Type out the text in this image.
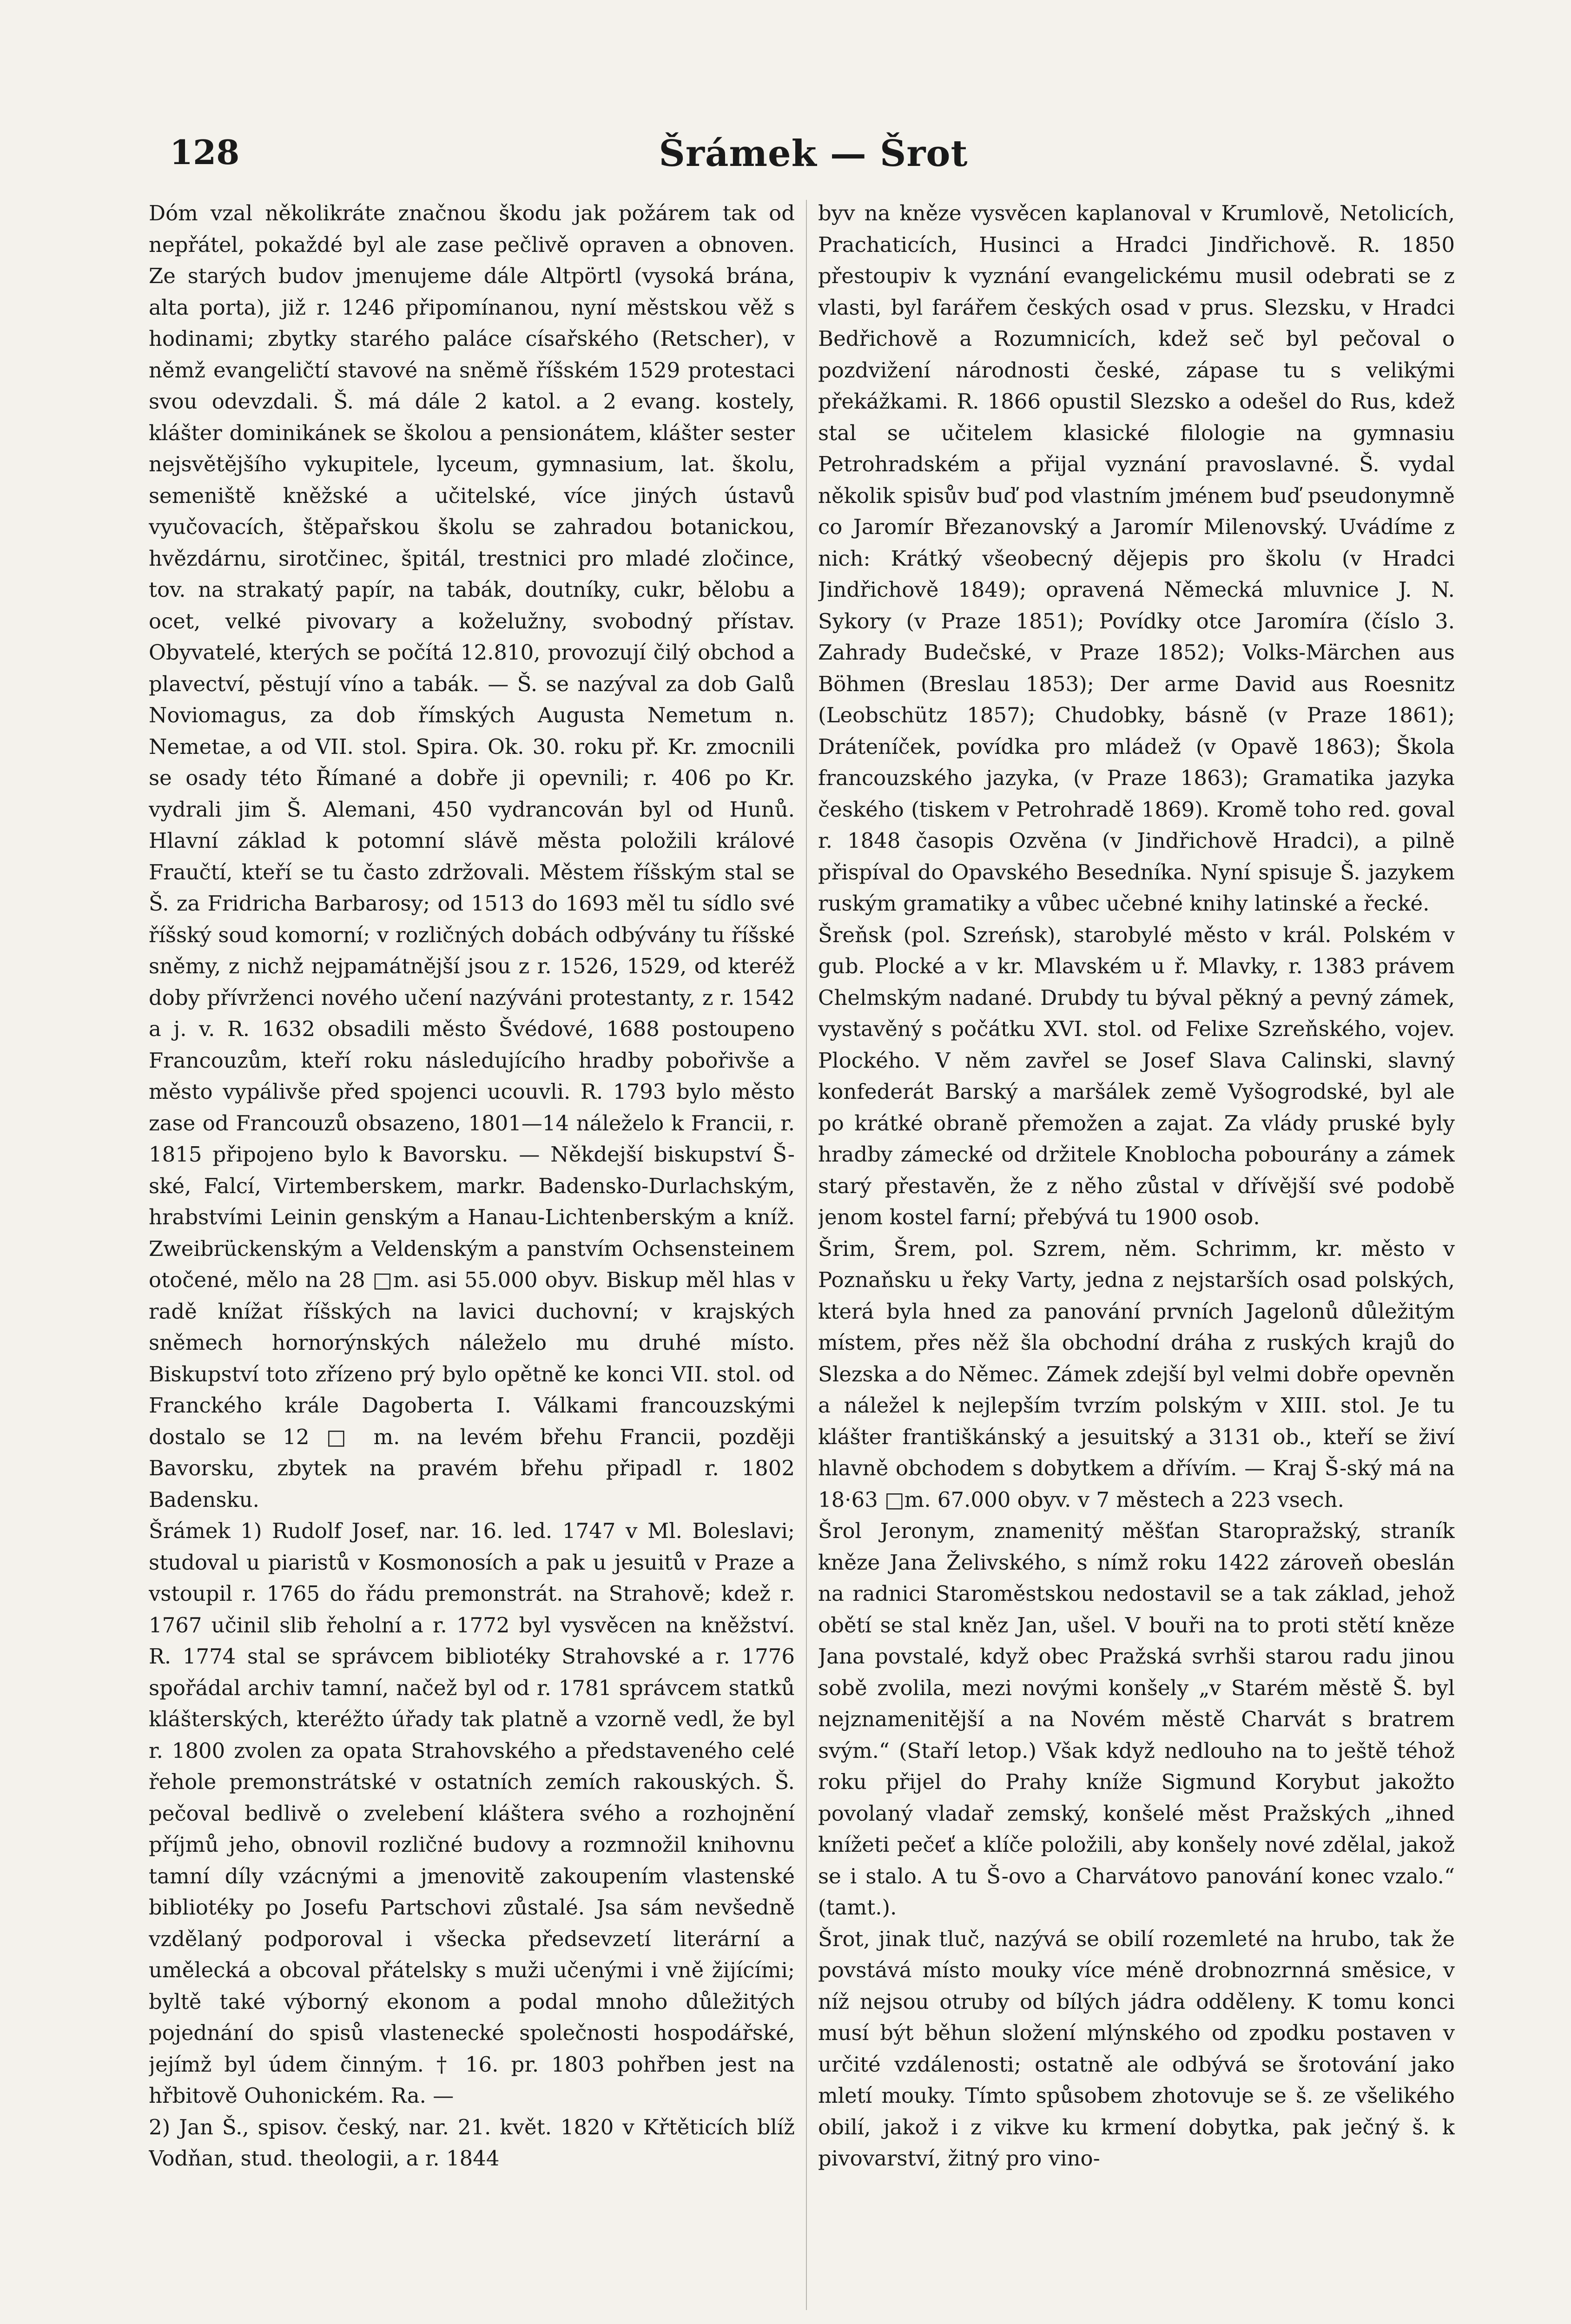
128	Šrámek — Šrot

Dóm vzal několikráte značnou škodu jak požárem tak od nepřátel, pokaždé byl ale zase pečlivě opraven a obnoven. Ze starých budov jmenujeme dále Altpörtl (vysoká brána, alta porta), již r. 1246 připomínanou, nyní městskou věž s hodinami; zbytky starého paláce císařského (Retscher), v němž evangeličtí stavové na sněmě říšském 1529 protestaci svou odevzdali. Š. má dále 2 katol. a 2 evang. kostely, klášter dominikánek se školou a pensionátem, klášter sester nejsvětějšího vykupitele, lyceum, gymnasium, lat. školu, semeniště kněžské a učitelské, více jiných ústavů vyučovacích, štěpařskou školu se zahradou botanickou, hvězdárnu, sirotčinec, špitál, trestnici pro mladé zločince, tov. na strakatý papír, na tabák, doutníky, cukr, bělobu a ocet, velké pivovary a koželužny, svobodný přístav. Obyvatelé, kterých se počítá 12.810, provozují čilý obchod a plavectví, pěstují víno a tabák. — Š. se nazýval za dob Galů Noviomagus, za dob římských Augusta Nemetum n. Nemetae, a od VII. stol. Spira. Ok. 30. roku př. Kr. zmocnili se osady této Římané a dobře ji opevnili; r. 406 po Kr. vydrali jim Š. Alemani, 450 vydrancován byl od Hunů. Hlavní základ k potomní slávě města položili králové Fraučtí, kteří se tu často zdržovali. Městem říšským stal se Š. za Fridricha Barbarosy; od 1513 do 1693 měl tu sídlo své říšský soud komorní; v rozličných dobách odbývány tu říšské sněmy, z nichž nejpamátnější jsou z r. 1526, 1529, od kteréž doby přívrženci nového učení nazýváni protestanty, z r. 1542 a j. v. R. 1632 obsadili město Švédové, 1688 postoupeno Francouzům, kteří roku následujícího hradby pobořivše a město vypálivše před spojenci ucouvli. R. 1793 bylo město zase od Francouzů obsazeno, 1801—14 náleželo k Francii, r. 1815 připojeno bylo k Bavorsku. — Někdejší biskupství Š-ské, Falcí, Virtemberskem, markr. Badensko-Durlachským, hrabstvími Leinin genským a Hanau-Lichtenberským a kníž. Zweibrückenským a Veldenským a panstvím Ochsensteinem otočené, mělo na 28 □m. asi 55.000 obyv. Biskup měl hlas v radě knížat říšských na lavici duchovní; v krajských sněmech hornorýnských náleželo mu druhé místo. Biskupství toto zřízeno prý bylo opětně ke konci VII. stol. od Franckého krále Dagoberta I. Válkami francouzskými dostalo se 12 □ m. na levém břehu Francii, později Bavorsku, zbytek na pravém břehu připadl r. 1802 Badensku.

Šrámek 1) Rudolf Josef, nar. 16. led. 1747 v Ml. Boleslavi; studoval u piaristů v Kosmonosích a pak u jesuitů v Praze a vstoupil r. 1765 do řádu premonstrát. na Strahově; kdež r. 1767 učinil slib řeholní a r. 1772 byl vysvěcen na kněžství. R. 1774 stal se správcem bibliotéky Strahovské a r. 1776 spořádal archiv tamní, načež byl od r. 1781 správcem statků klášterských, kteréžto úřady tak platně a vzorně vedl, že byl r. 1800 zvolen za opata Strahovského a představeného celé řehole premonstrátské v ostatních zemích rakouských. Š. pečoval bedlivě o zvelebení kláštera svého a rozhojnění příjmů jeho, obnovil rozličné budovy a rozmnožil knihovnu tamní díly vzácnými a jmenovitě zakoupením vlastenské bibliotéky po Josefu Partschovi zůstalé. Jsa sám nevšedně vzdělaný podporoval i všecka předsevzetí literární a umělecká a obcoval přátelsky s muži učenými i vně žijícími; byltě také výborný ekonom a podal mnoho důležitých pojednání do spisů vlastenecké společnosti hospodářské, jejímž byl údem činným. † 16. pr. 1803 pohřben jest na hřbitově Ouhonickém. Ra. —

2) Jan Š., spisov. český, nar. 21. květ. 1820 v Křtěticích blíž Vodňan, stud. theologii, a r. 1844

byv na kněze vysvěcen kaplanoval v Krumlově, Netolicích, Prachaticích, Husinci a Hradci Jindřichově. R. 1850 přestoupiv k vyznání evangelickému musil odebrati se z vlasti, byl farářem českých osad v prus. Slezsku, v Hradci Bedřichově a Rozumnicích, kdež seč byl pečoval o pozdvižení národnosti české, zápase tu s velikými překážkami. R. 1866 opustil Slezsko a odešel do Rus, kdež stal se učitelem klasické filologie na gymnasiu Petrohradském a přijal vyznání pravoslavné. Š. vydal několik spisův buď pod vlastním jménem buď pseudonymně co Jaromír Březanovský a Jaromír Milenovský. Uvádíme z nich: Krátký všeobecný dějepis pro školu (v Hradci Jindřichově 1849); opravená Německá mluvnice J. N. Sykory (v Praze 1851); Povídky otce Jaromíra (číslo 3. Zahrady Budečské, v Praze 1852); Volks-Märchen aus Böhmen (Breslau 1853); Der arme David aus Roesnitz (Leobschütz 1857); Chudobky, básně (v Praze 1861); Dráteníček, povídka pro mládež (v Opavě 1863); Škola francouzského jazyka, (v Praze 1863); Gramatika jazyka českého (tiskem v Petrohradě 1869). Kromě toho red. goval r. 1848 časopis Ozvěna (v Jindřichově Hradci), a pilně přispíval do Opavského Besedníka. Nyní spisuje Š. jazykem ruským gramatiky a vůbec učebné knihy latinské a řecké.

Šreňsk (pol. Szreńsk), starobylé město v král. Polském v gub. Plocké a v kr. Mlavském u ř. Mlavky, r. 1383 právem Chelmským nadané. Drubdy tu býval pěkný a pevný zámek, vystavěný s počátku XVI. stol. od Felixe Szreňského, vojev. Plockého. V něm zavřel se Josef Slava Calinski, slavný konfederát Barský a maršálek země Vyšogrodské, byl ale po krátké obraně přemožen a zajat. Za vlády pruské byly hradby zámecké od držitele Knoblocha pobourány a zámek starý přestavěn, že z něho zůstal v dřívější své podobě jenom kostel farní; přebývá tu 1900 osob.

Šrim, Šrem, pol. Szrem, něm. Schrimm, kr. město v Poznaňsku u řeky Varty, jedna z nejstarších osad polských, která byla hned za panování prvních Jagelonů důležitým místem, přes něž šla obchodní dráha z ruských krajů do Slezska a do Němec. Zámek zdejší byl velmi dobře opevněn a náležel k nejlepším tvrzím polským v XIII. stol. Je tu klášter františkánský a jesuitský a 3131 ob., kteří se živí hlavně obchodem s dobytkem a dřívím. — Kraj Š-ský má na 18·63 □m. 67.000 obyv. v 7 městech a 223 vsech.

Šrol Jeronym, znamenitý měšťan Staropražský, straník kněze Jana Želivského, s nímž roku 1422 zároveň obeslán na radnici Staroměstskou nedostavil se a tak základ, jehož obětí se stal kněz Jan, ušel. V bouři na to proti stětí kněze Jana povstalé, když obec Pražská svrhši starou radu jinou sobě zvolila, mezi novými konšely „v Starém městě Š. byl nejznamenitější a na Novém městě Charvát s bratrem svým.“ (Staří letop.) Však když nedlouho na to ještě téhož roku přijel do Prahy kníže Sigmund Korybut jakožto povolaný vladař zemský, konšelé měst Pražských „ihned knížeti pečeť a klíče položili, aby konšely nové zdělal, jakož se i stalo. A tu Š-ovo a Charvátovo panování konec vzalo.“ (tamt.).

Šrot, jinak tluč, nazývá se obilí rozemleté na hrubo, tak že povstává místo mouky více méně drobnozrnná směsice, v níž nejsou otruby od bílých jádra odděleny. K tomu konci musí být běhun složení mlýnského od zpodku postaven v určité vzdálenosti; ostatně ale odbývá se šrotování jako mletí mouky. Tímto spůsobem zhotovuje se š. ze všelikého obilí, jakož i z vikve ku krmení dobytka, pak ječný š. k pivovarství, žitný pro vino-
